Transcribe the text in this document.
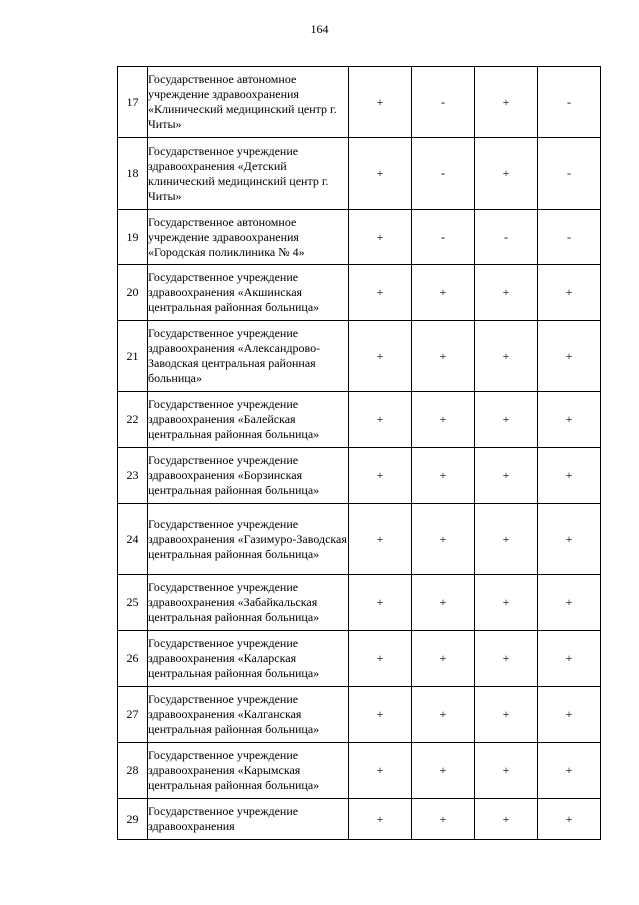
164
17	Государственное автономное учреждение здравоохранения «Клинический медицинский центр г. Читы»	+	-	+	-
18	Государственное учреждение здравоохранения «Детский клинический медицинский центр г. Читы»	+	-	+	-
19	Государственное автономное учреждение здравоохранения «Городская поликлиника № 4»	+	-	-	-
20	Государственное учреждение здравоохранения «Акшинская центральная районная больница»	+	+	+	+
21	Государственное учреждение здравоохранения «Александрово-Заводская центральная районная больница»	+	+	+	+
22	Государственное учреждение здравоохранения «Балейская центральная районная больница»	+	+	+	+
23	Государственное учреждение здравоохранения «Борзинская центральная районная больница»	+	+	+	+
24	Государственное учреждение здравоохранения «Газимуро-Заводская центральная районная больница»	+	+	+	+
25	Государственное учреждение здравоохранения «Забайкальская центральная районная больница»	+	+	+	+
26	Государственное учреждение здравоохранения «Каларская центральная районная больница»	+	+	+	+
27	Государственное учреждение здравоохранения «Калганская центральная районная больница»	+	+	+	+
28	Государственное учреждение здравоохранения «Карымская центральная районная больница»	+	+	+	+
29	Государственное учреждение здравоохранения	+	+	+	+
